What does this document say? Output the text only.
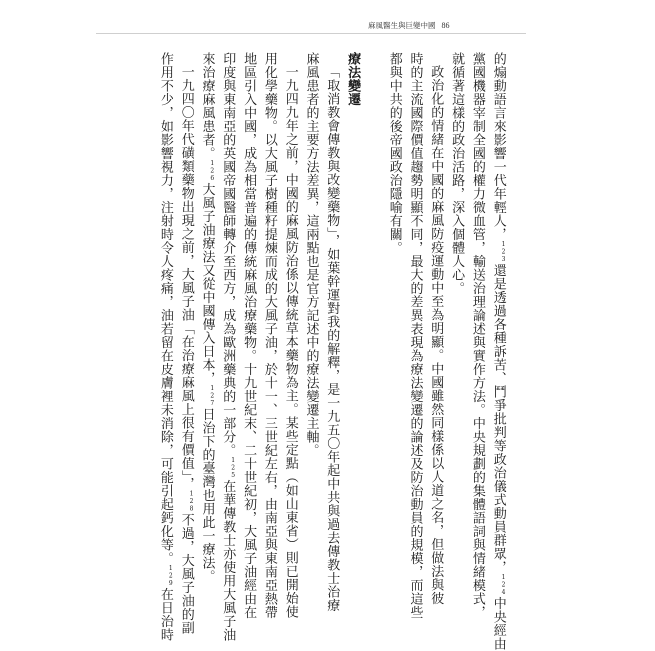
麻風醫生與巨變中國 86
的煽動語言來影響一代年輕人，$^{123}$還是透過各種訴苦、鬥爭批判等政治儀式動員群眾，$^{124}$中央經由
黨國機器宰制全國的權力微血管，輸送治理論述與實作方法。中央規劃的集體語詞與情緒模式，
就循著這樣的政治活路，深入個體人心。
政治化的情緒在中國的麻風防疫運動中至為明顯。中國雖然同樣係以人道之名，但做法與彼
時的主流國際價值趨勢明顯不同，最大的差異表現為療法變遷的論述及防治動員的規模，而這些
都與中共的後帝國政治隱喻有關。
療法變遷
「取消教會傳教與改變藥物」，如葉幹運對我的解釋，是一九五〇年起中共與過去傳教士治療
麻風患者的主要方法差異，這兩點也是官方記述中的療法變遷主軸。
一九四九年之前，中國的麻風防治係以傳統草本藥物為主。某些定點（如山東省）則已開始使
用化學藥物。以大風子樹種籽提煉而成的大風子油，於十一、三世紀左右，由南亞與東南亞熱帶
地區引入中國，成為相當普遍的傳統麻風治療藥物。十九世紀末、二十世紀初，大風子油經由在
印度與東南亞的英國帝國醫師轉介至西方，成為歐洲藥典的一部分。$^{125}$在華傳教士亦使用大風子油
來治療麻風患者。$^{126}$大風子油療法又從中國傳入日本，$^{127}$日治下的臺灣也用此一療法。
一九四〇年代磺類藥物出現之前，大風子油「在治療麻風上很有價值」，$^{128}$不過，大風子油的副
作用不少，如影響視力，注射時令人疼痛，油若留在皮膚裡未消除，可能引起鈣化等。$^{129}$在日治時
